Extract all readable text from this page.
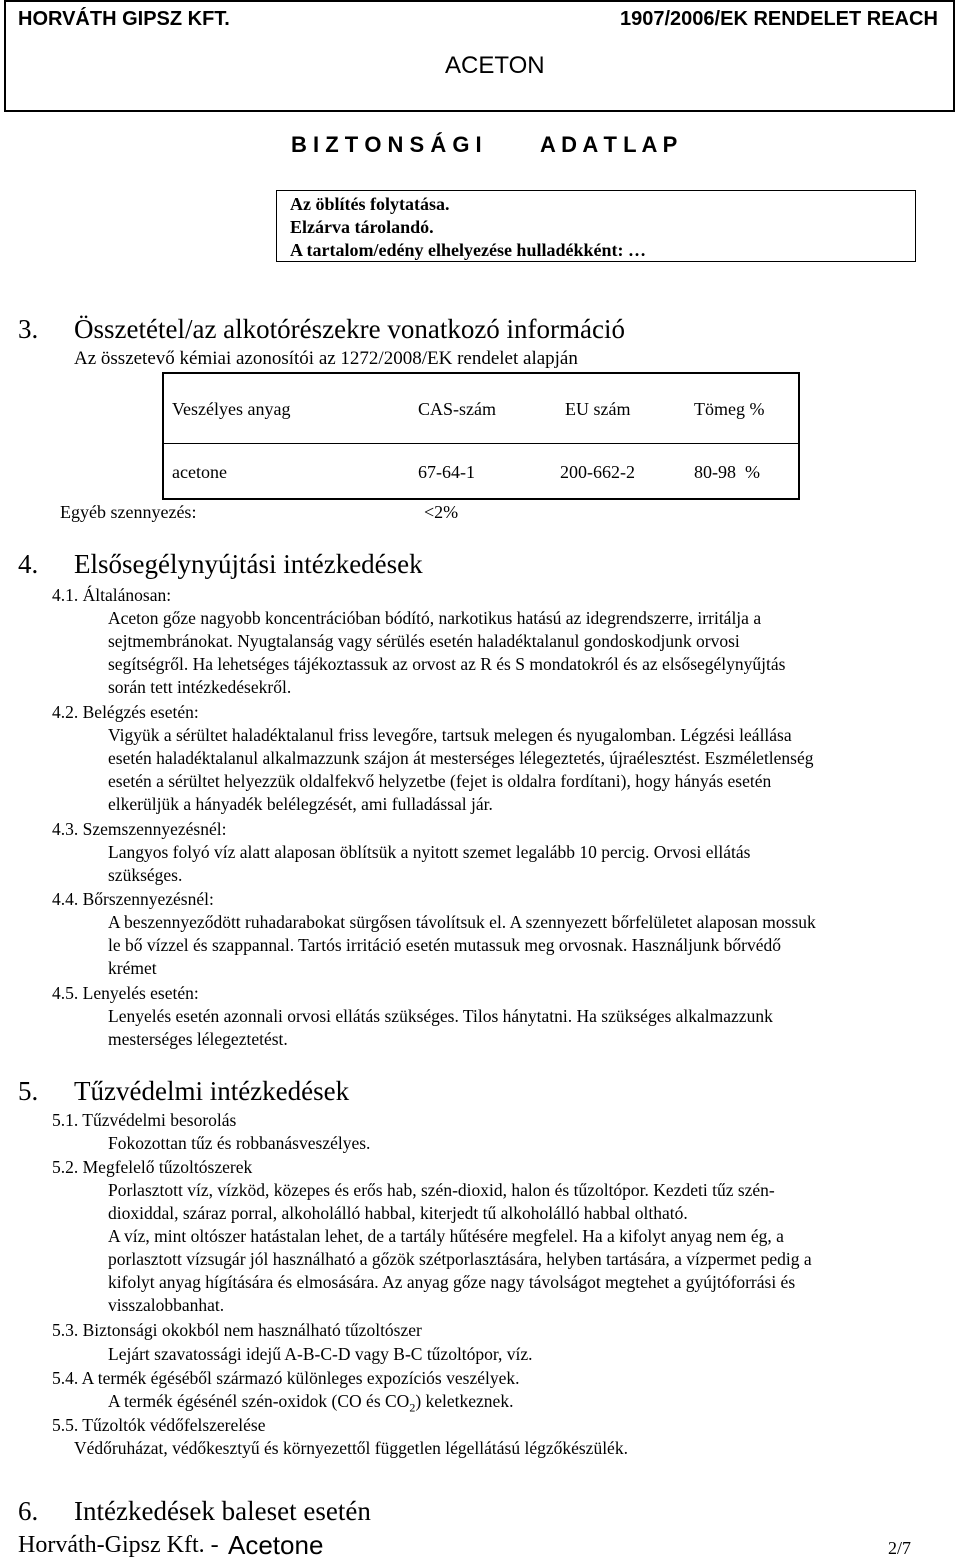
HORVÁTH GIPSZ KFT.	1907/2006/EK RENDELET REACH
ACETON
B I Z T O N S Á G I	A D A T L A P
Az öblítés folytatása.
Elzárva tárolandó.
A tartalom/edény elhelyezése hulladékként: …
3. Összetétel/az alkotórészekre vonatkozó információ
Az összetevő kémiai azonosítói az 1272/2008/EK rendelet alapján
Veszélyes anyag	CAS-szám	EU szám	Tömeg %
acetone	67-64-1	200-662-2	80-98  %
Egyéb szennyezés:	<2%
4. Elsősegélynyújtási intézkedések
4.1. Általánosan:
Aceton gőze nagyobb koncentrációban bódító, narkotikus hatású az idegrendszerre, irritálja a
sejtmembránokat. Nyugtalanság vagy sérülés esetén haladéktalanul gondoskodjunk orvosi
segítségről. Ha lehetséges tájékoztassuk az orvost az R és S mondatokról és az elsősegélynyűjtás
során tett intézkedésekről.
4.2. Belégzés esetén:
Vigyük a sérültet haladéktalanul friss levegőre, tartsuk melegen és nyugalomban. Légzési leállása
esetén haladéktalanul alkalmazzunk szájon át mesterséges lélegeztetés, újraélesztést. Eszméletlenség
esetén a sérültet helyezzük oldalfekvő helyzetbe (fejet is oldalra fordítani), hogy hányás esetén
elkerüljük a hányadék belélegzését, ami fulladással jár.
4.3. Szemszennyezésnél:
Langyos folyó víz alatt alaposan öblítsük a nyitott szemet legalább 10 percig. Orvosi ellátás
szükséges.
4.4. Bőrszennyezésnél:
A beszennyeződött ruhadarabokat sürgősen távolítsuk el. A szennyezett bőrfelületet alaposan mossuk
le bő vízzel és szappannal. Tartós irritáció esetén mutassuk meg orvosnak. Használjunk bőrvédő
krémet
4.5. Lenyelés esetén:
Lenyelés esetén azonnali orvosi ellátás szükséges. Tilos hánytatni. Ha szükséges alkalmazzunk
mesterséges lélegeztetést.
5. Tűzvédelmi intézkedések
5.1. Tűzvédelmi besorolás
Fokozottan tűz és robbanásveszélyes.
5.2. Megfelelő tűzoltószerek
Porlasztott víz, vízköd, közepes és erős hab, szén-dioxid, halon és tűzoltópor. Kezdeti tűz szén-
dioxiddal, száraz porral, alkoholálló habbal, kiterjedt tű alkoholálló habbal oltható.
A víz, mint oltószer hatástalan lehet, de a tartály hűtésére megfelel. Ha a kifolyt anyag nem ég, a
porlasztott vízsugár jól használható a gőzök szétporlasztására, helyben tartására, a vízpermet pedig a
kifolyt anyag hígítására és elmosására. Az anyag gőze nagy távolságot megtehet a gyújtóforrási és
visszalobbanhat.
5.3. Biztonsági okokból nem használható tűzoltószer
Lejárt szavatossági idejű A-B-C-D vagy B-C tűzoltópor, víz.
5.4. A termék égéséből származó különleges expozíciós veszélyek.
A termék égésénél szén-oxidok (CO és $CO_2$) keletkeznek.
5.5. Tűzoltók védőfelszerelése
Védőruházat, védőkesztyű és környezettől független légellátású légzőkészülék.
6. Intézkedések baleset esetén
Horváth-Gipsz Kft. - Acetone	2/7
